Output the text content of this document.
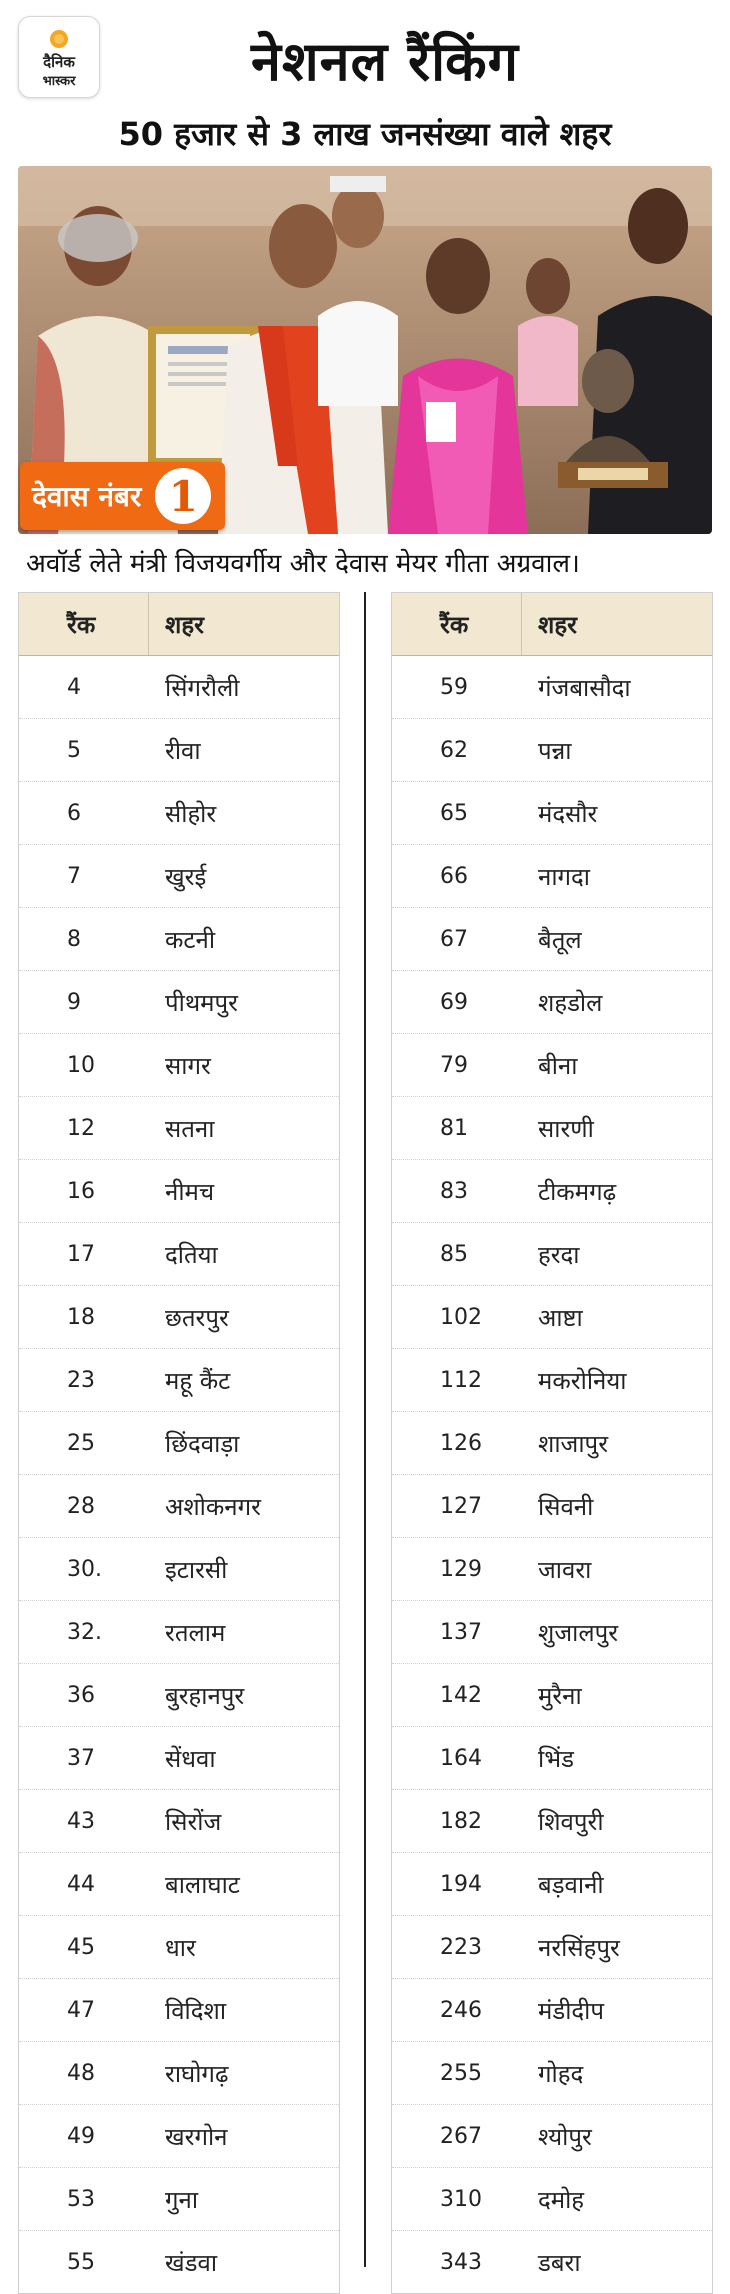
दैनिक
भास्कर	नेशनल रैंकिंग
50 हजार से 3 लाख जनसंख्या वाले शहर
देवास नंबर 1
अवॉर्ड लेते मंत्री विजयवर्गीय और देवास मेयर गीता अग्रवाल।
रैंक	शहर
4	सिंगरौली
5	रीवा
6	सीहोर
7	खुरई
8	कटनी
9	पीथमपुर
10	सागर
12	सतना
16	नीमच
17	दतिया
18	छतरपुर
23	महू कैंट
25	छिंदवाड़ा
28	अशोकनगर
30.	इटारसी
32.	रतलाम
36	बुरहानपुर
37	सेंधवा
43	सिरोंज
44	बालाघाट
45	धार
47	विदिशा
48	राघोगढ़
49	खरगोन
53	गुना
55	खंडवा
रैंक	शहर
59	गंजबासौदा
62	पन्ना
65	मंदसौर
66	नागदा
67	बैतूल
69	शहडोल
79	बीना
81	सारणी
83	टीकमगढ़
85	हरदा
102	आष्टा
112	मकरोनिया
126	शाजापुर
127	सिवनी
129	जावरा
137	शुजालपुर
142	मुरैना
164	भिंड
182	शिवपुरी
194	बड़वानी
223	नरसिंहपुर
246	मंडीदीप
255	गोहद
267	श्योपुर
310	दमोह
343	डबरा
